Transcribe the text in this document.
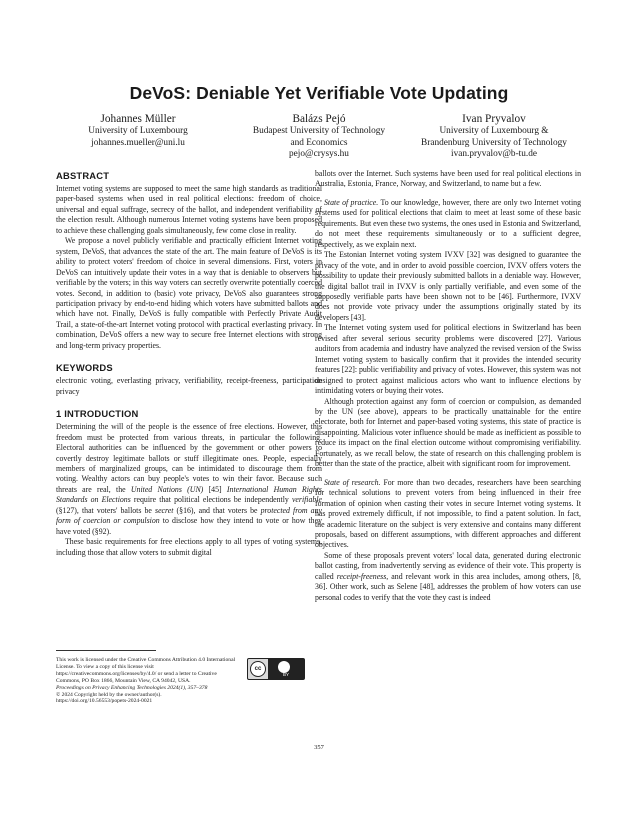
DeVoS: Deniable Yet Verifiable Vote Updating
Johannes Müller
University of Luxembourg
johannes.mueller@uni.lu
Balázs Pejó
Budapest University of Technology
and Economics
pejo@crysys.hu
Ivan Pryvalov
University of Luxembourg &
Brandenburg University of Technology
ivan.pryvalov@b-tu.de
ABSTRACT

Internet voting systems are supposed to meet the same high standards as traditional paper-based systems when used in real political elections: freedom of choice, universal and equal suffrage, secrecy of the ballot, and independent verifiability of the election result. Although numerous Internet voting systems have been proposed to achieve these challenging goals simultaneously, few come close in reality.

We propose a novel publicly verifiable and practically efficient Internet voting system, DeVoS, that advances the state of the art. The main feature of DeVoS is its ability to protect voters' freedom of choice in several dimensions. First, voters in DeVoS can intuitively update their votes in a way that is deniable to observers but verifiable by the voters; in this way voters can secretly overwrite potentially coerced votes. Second, in addition to (basic) vote privacy, DeVoS also guarantees strong participation privacy by end-to-end hiding which voters have submitted ballots and which have not. Finally, DeVoS is fully compatible with Perfectly Private Audit Trail, a state-of-the-art Internet voting protocol with practical everlasting privacy. In combination, DeVoS offers a new way to secure free Internet elections with strong and long-term privacy properties.

KEYWORDS

electronic voting, everlasting privacy, verifiability, receipt-freeness, participation privacy

1 INTRODUCTION

Determining the will of the people is the essence of free elections. However, this freedom must be protected from various threats, in particular the following. Electoral authorities can be influenced by the government or other powers to covertly destroy legitimate ballots or stuff illegitimate ones. People, especially members of marginalized groups, can be intimidated to discourage them from voting. Wealthy actors can buy people's votes to win their favor. Because such threats are real, the United Nations (UN) [45] International Human Rights Standards on Elections require that political elections be independently verifiable (§127), that voters' ballots be secret (§16), and that voters be protected from any form of coercion or compulsion to disclose how they intend to vote or how they have voted (§92).

These basic requirements for free elections apply to all types of voting systems, including those that allow voters to submit digital

ballots over the Internet. Such systems have been used for real political elections in Australia, Estonia, France, Norway, and Switzerland, to name but a few.

State of practice. To our knowledge, however, there are only two Internet voting systems used for political elections that claim to meet at least some of these basic requirements. But even these two systems, the ones used in Estonia and Switzerland, do not meet these requirements simultaneously or to a sufficient degree, respectively, as we explain next.

The Estonian Internet voting system IVXV [32] was designed to guarantee the privacy of the vote, and in order to avoid possible coercion, IVXV offers voters the possibility to update their previously submitted ballots in a deniable way. However, the digital ballot trail in IVXV is only partially verifiable, and even some of the supposedly verifiable parts have been shown not to be [46]. Furthermore, IVXV does not provide vote privacy under the assumptions originally stated by its developers [43].

The Internet voting system used for political elections in Switzerland has been revised after several serious security problems were discovered [27]. Various auditors from academia and industry have analyzed the revised version of the Swiss Internet voting system to basically confirm that it provides the intended security features [22]: public verifiability and privacy of votes. However, this system was not designed to protect against malicious actors who want to influence elections by intimidating voters or buying their votes.

Although protection against any form of coercion or compulsion, as demanded by the UN (see above), appears to be practically unattainable for the entire electorate, both for Internet and paper-based voting systems, this state of practice is disappointing. Malicious voter influence should be made as inefficient as possible to reduce its impact on the final election outcome without compromising verifiability. Fortunately, as we recall below, the state of research on this challenging problem is better than the state of the practice, albeit with significant room for improvement.

State of research. For more than two decades, researchers have been searching for technical solutions to prevent voters from being influenced in their free formation of opinion when casting their votes in secure Internet voting systems. It has proved extremely difficult, if not impossible, to find a patent solution. In fact, the academic literature on the subject is very extensive and contains many different proposals, based on different assumptions, with different approaches and different objectives.

Some of these proposals prevent voters' local data, generated during electronic ballot casting, from inadvertently serving as evidence of their vote. This property is called receipt-freeness, and relevant work in this area includes, among others, [8, 36]. Other work, such as Selene [48], addresses the problem of how voters can use personal codes to verify that the vote they cast is indeed

This work is licensed under the Creative Commons Attribution 4.0 International License. To view a copy of this license visit https://creativecommons.org/licenses/by/4.0/ or send a letter to Creative Commons, PO Box 1866, Mountain View, CA 94042, USA.
Proceedings on Privacy Enhancing Technologies 2024(1), 357–378
© 2024 Copyright held by the owner/author(s).
https://doi.org/10.56553/popets-2024-0021
cc
BY
357
